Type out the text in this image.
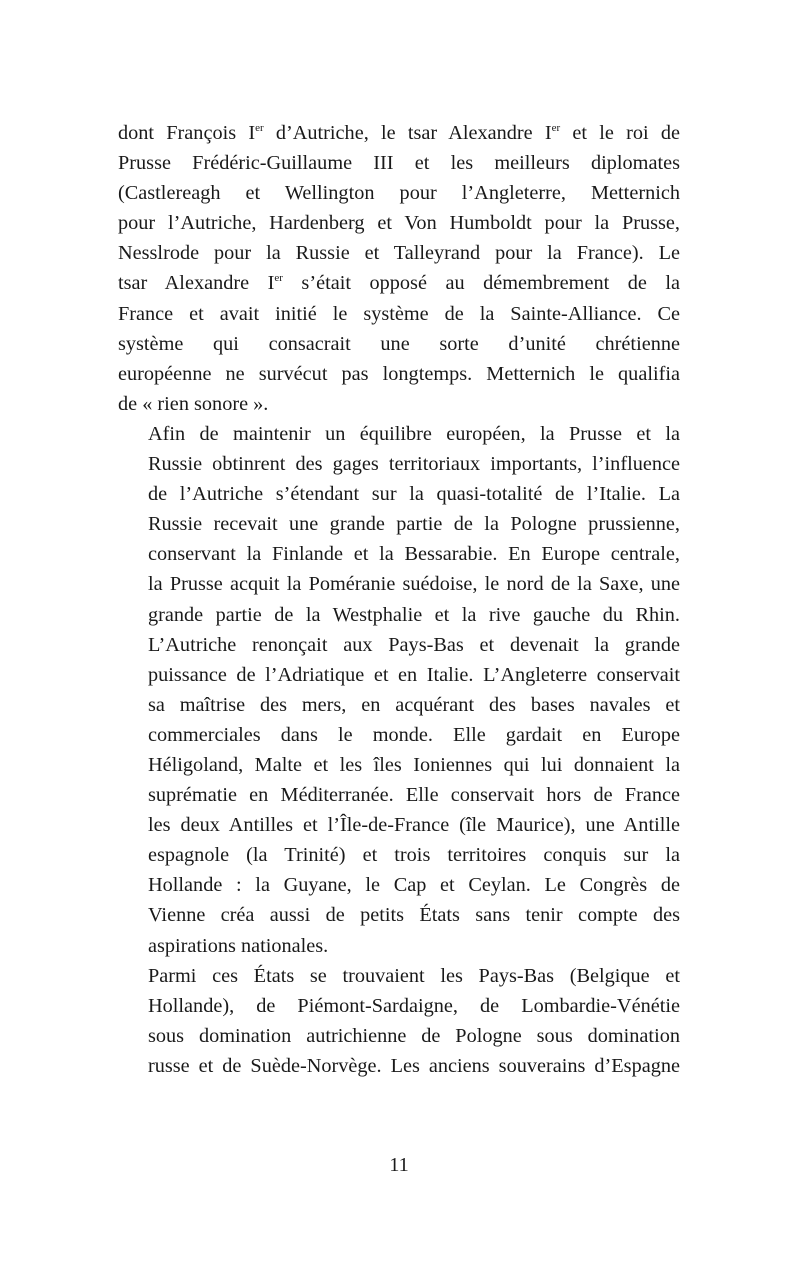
dont François Ier d’Autriche, le tsar Alexandre Ier et le roi de
Prusse Frédéric-Guillaume III et les meilleurs diplomates
(Castlereagh et Wellington pour l’Angleterre, Metternich
pour l’Autriche, Hardenberg et Von Humboldt pour la Prusse,
Nesslrode pour la Russie et Talleyrand pour la France). Le
tsar Alexandre Ier s’était opposé au démembrement de la
France et avait initié le système de la Sainte-Alliance. Ce
système qui consacrait une sorte d’unité chrétienne
européenne ne survécut pas longtemps. Metternich le qualifia
de « rien sonore ».
Afin de maintenir un équilibre européen, la Prusse et la
Russie obtinrent des gages territoriaux importants, l’influence
de l’Autriche s’étendant sur la quasi-totalité de l’Italie. La
Russie recevait une grande partie de la Pologne prussienne,
conservant la Finlande et la Bessarabie. En Europe centrale,
la Prusse acquit la Poméranie suédoise, le nord de la Saxe, une
grande partie de la Westphalie et la rive gauche du Rhin.
L’Autriche renonçait aux Pays-Bas et devenait la grande
puissance de l’Adriatique et en Italie. L’Angleterre conservait
sa maîtrise des mers, en acquérant des bases navales et
commerciales dans le monde. Elle gardait en Europe
Héligoland, Malte et les îles Ioniennes qui lui donnaient la
suprématie en Méditerranée. Elle conservait hors de France
les deux Antilles et l’Île-de-France (île Maurice), une Antille
espagnole (la Trinité) et trois territoires conquis sur la
Hollande : la Guyane, le Cap et Ceylan. Le Congrès de
Vienne créa aussi de petits États sans tenir compte des
aspirations nationales.
Parmi ces États se trouvaient les Pays-Bas (Belgique et
Hollande), de Piémont-Sardaigne, de Lombardie-Vénétie
sous domination autrichienne de Pologne sous domination
russe et de Suède-Norvège. Les anciens souverains d’Espagne
11
